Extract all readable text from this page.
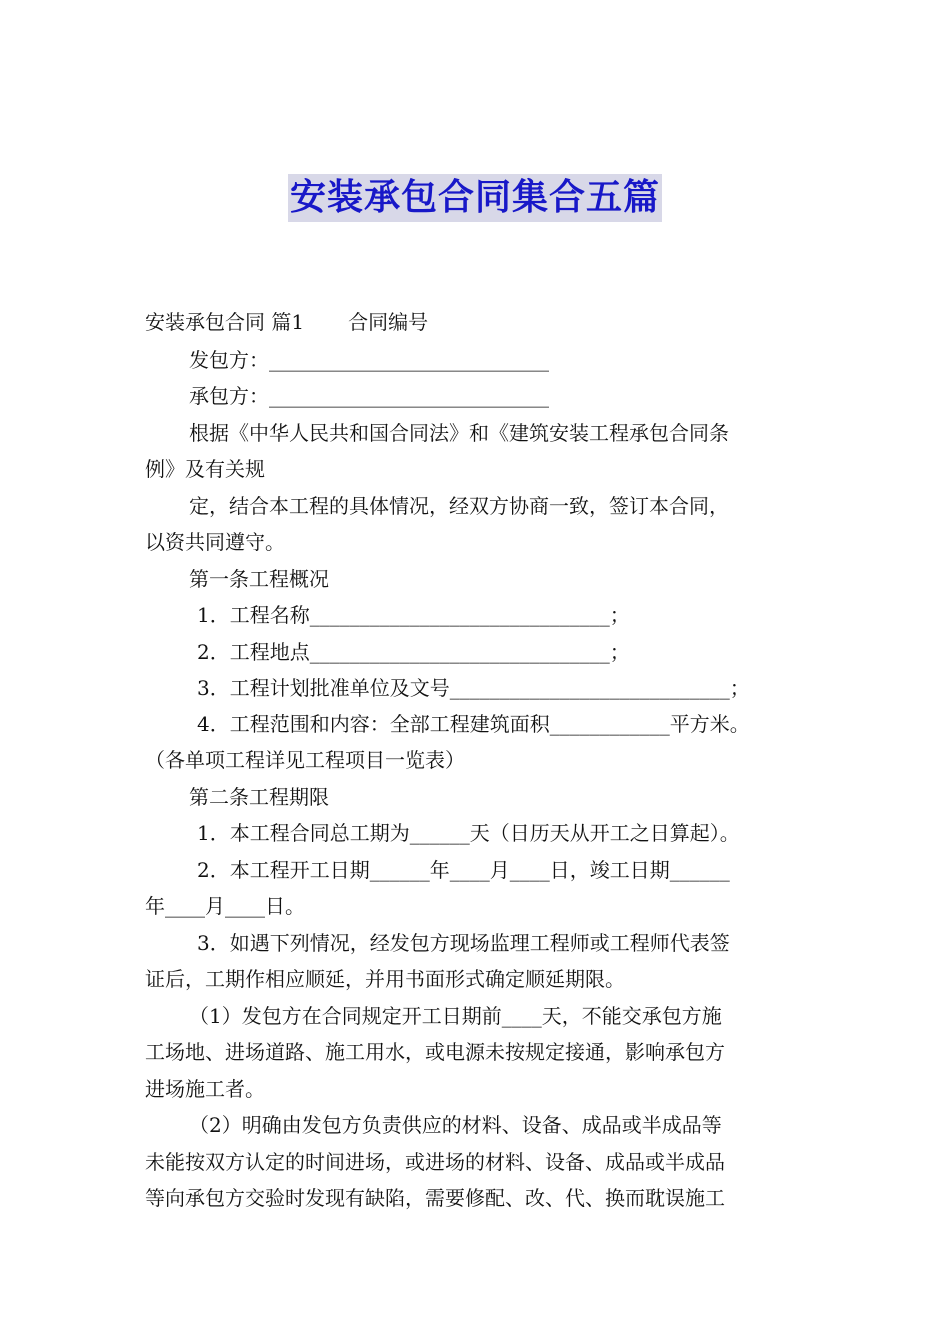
安装承包合同集合五篇
安装承包合同 篇1 合同编号
发包方：____________________________
承包方：____________________________
根据《中华人民共和国合同法》和《建筑安装工程承包合同条
例》及有关规
定，结合本工程的具体情况，经双方协商一致，签订本合同，
以资共同遵守。
第一条工程概况
1．工程名称______________________________；
2．工程地点______________________________；
3．工程计划批准单位及文号____________________________；
4．工程范围和内容：全部工程建筑面积____________平方米。
（各单项工程详见工程项目一览表）
第二条工程期限
1．本工程合同总工期为______天（日历天从开工之日算起）。
2．本工程开工日期______年____月____日，竣工日期______
年____月____日。
3．如遇下列情况，经发包方现场监理工程师或工程师代表签
证后，工期作相应顺延，并用书面形式确定顺延期限。
（1）发包方在合同规定开工日期前____天，不能交承包方施
工场地、进场道路、施工用水，或电源未按规定接通，影响承包方
进场施工者。
（2）明确由发包方负责供应的材料、设备、成品或半成品等
未能按双方认定的时间进场，或进场的材料、设备、成品或半成品
等向承包方交验时发现有缺陷，需要修配、改、代、换而耽误施工
